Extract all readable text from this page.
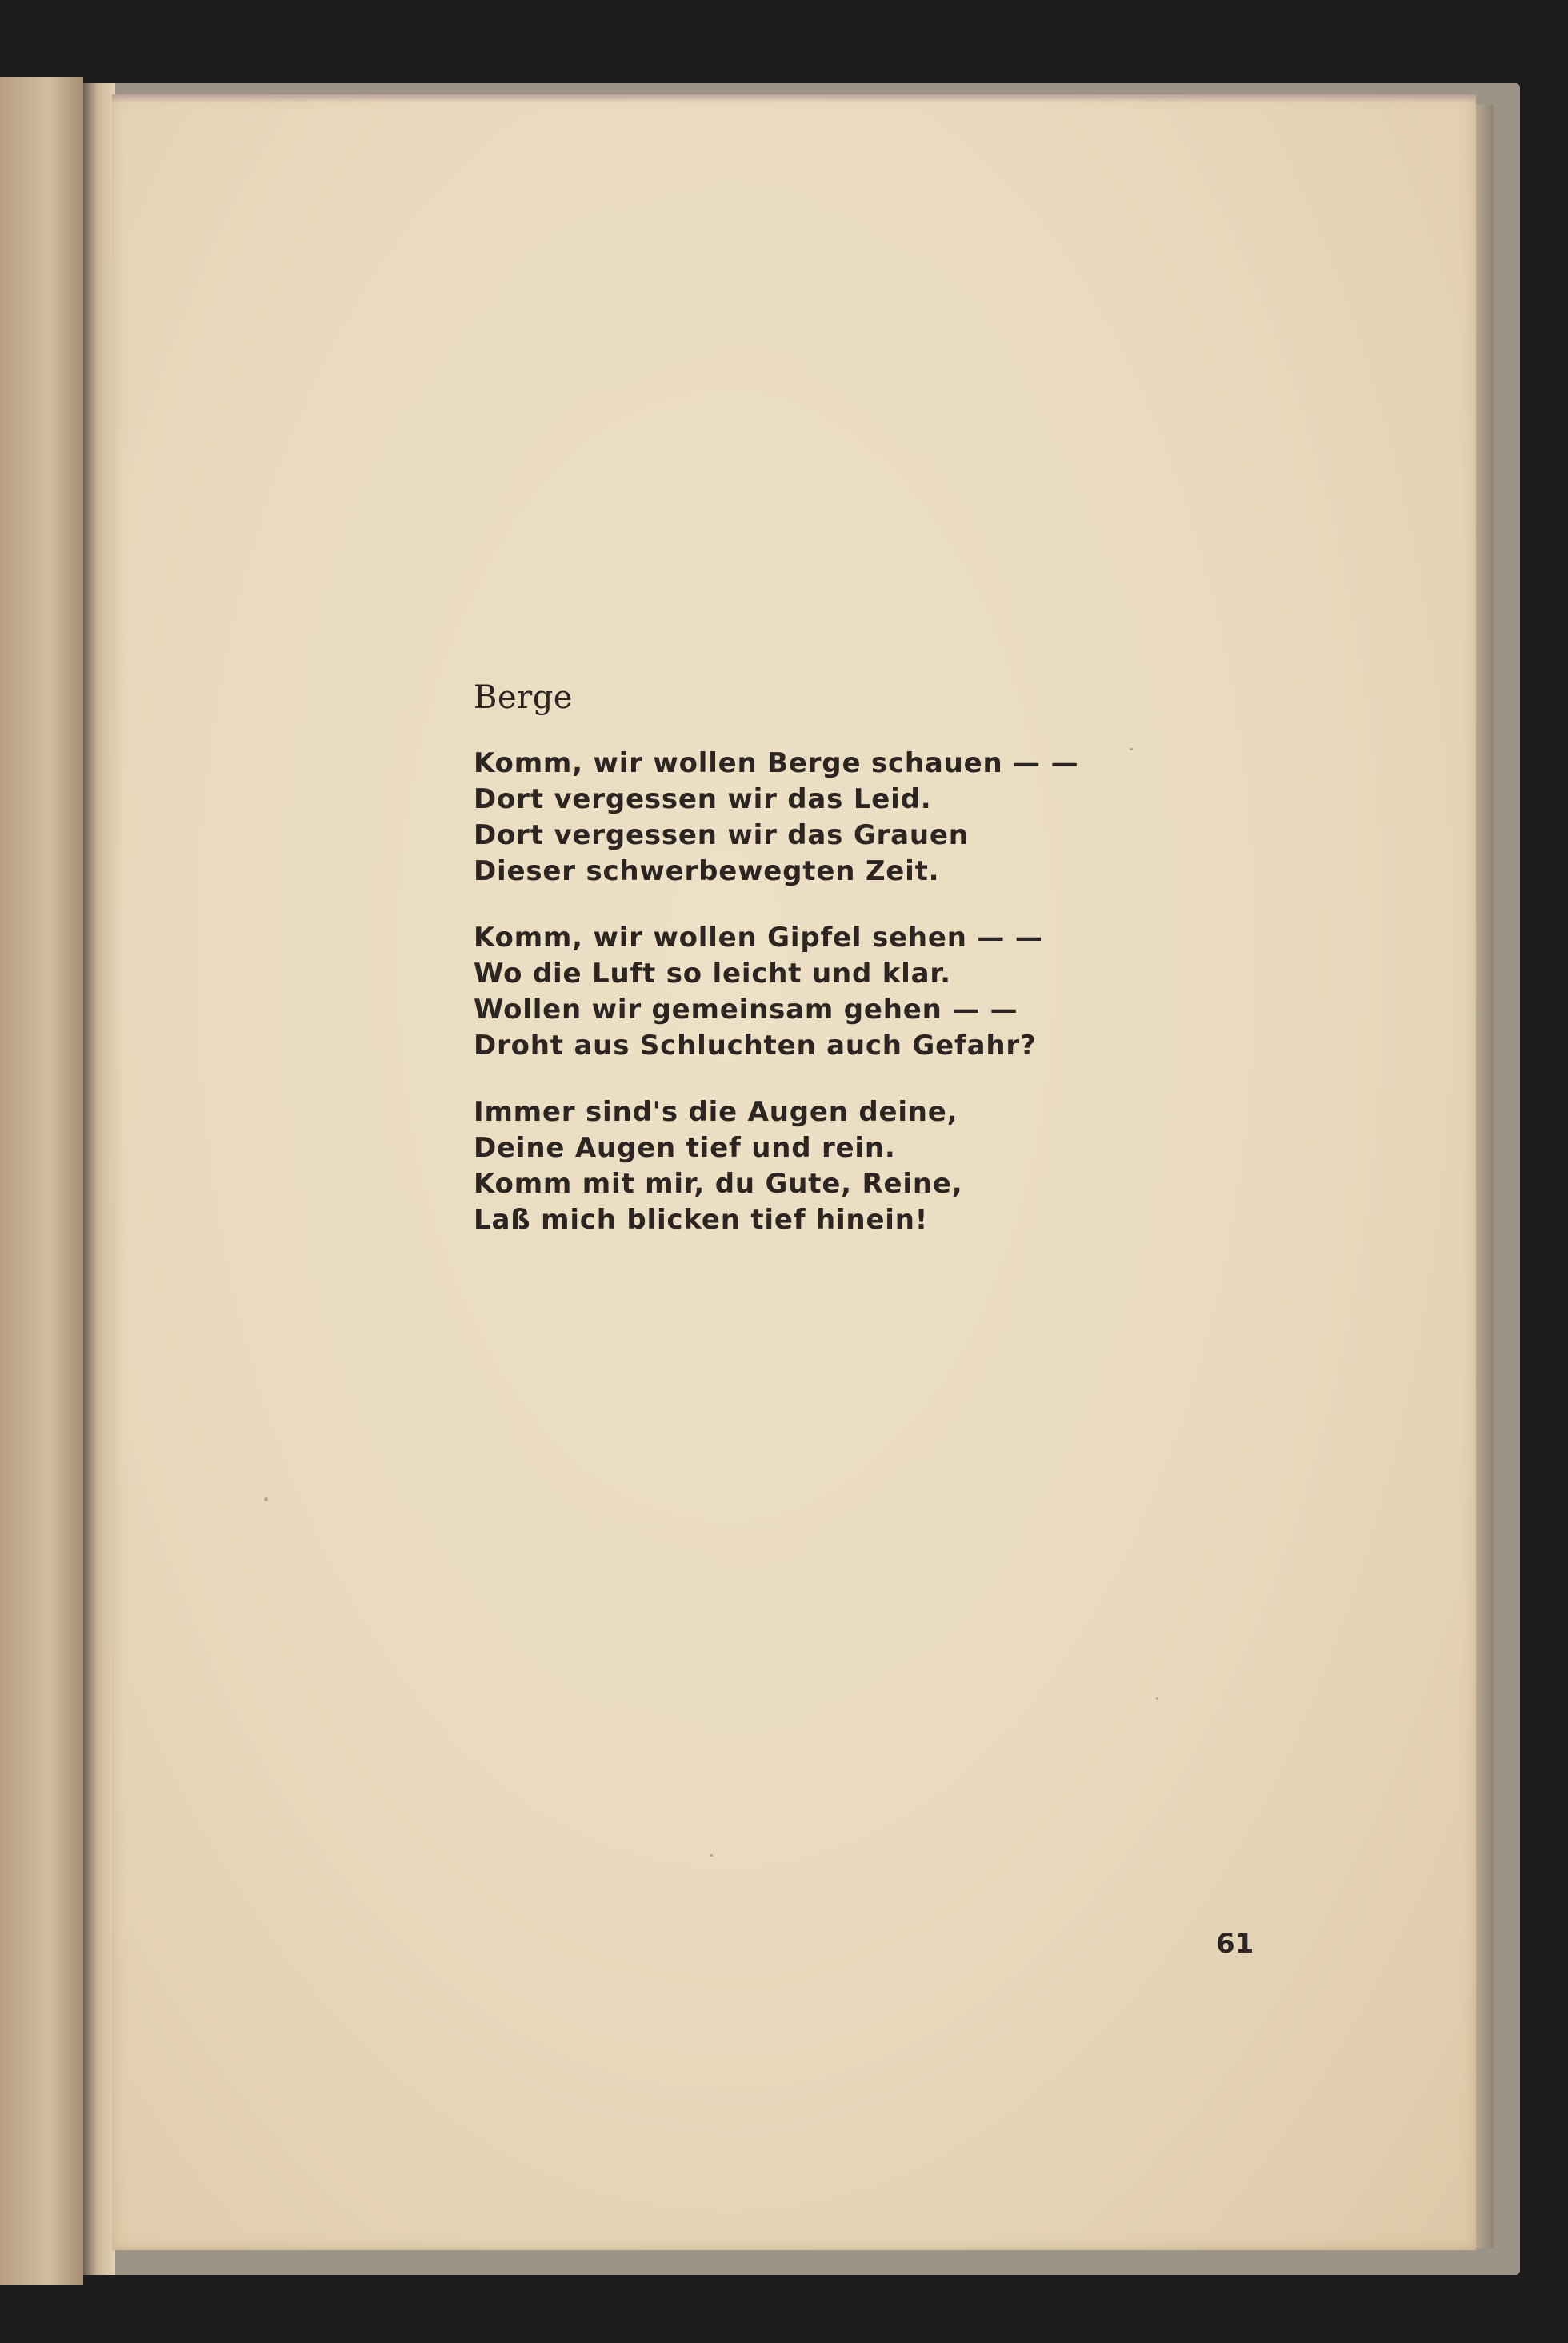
Berge
Komm, wir wollen Berge schauen — —
Dort vergessen wir das Leid.
Dort vergessen wir das Grauen
Dieser schwerbewegten Zeit.
Komm, wir wollen Gipfel sehen — —
Wo die Luft so leicht und klar.
Wollen wir gemeinsam gehen — —
Droht aus Schluchten auch Gefahr?
Immer sind's die Augen deine,
Deine Augen tief und rein.
Komm mit mir, du Gute, Reine,
Laß mich blicken tief hinein!
61
